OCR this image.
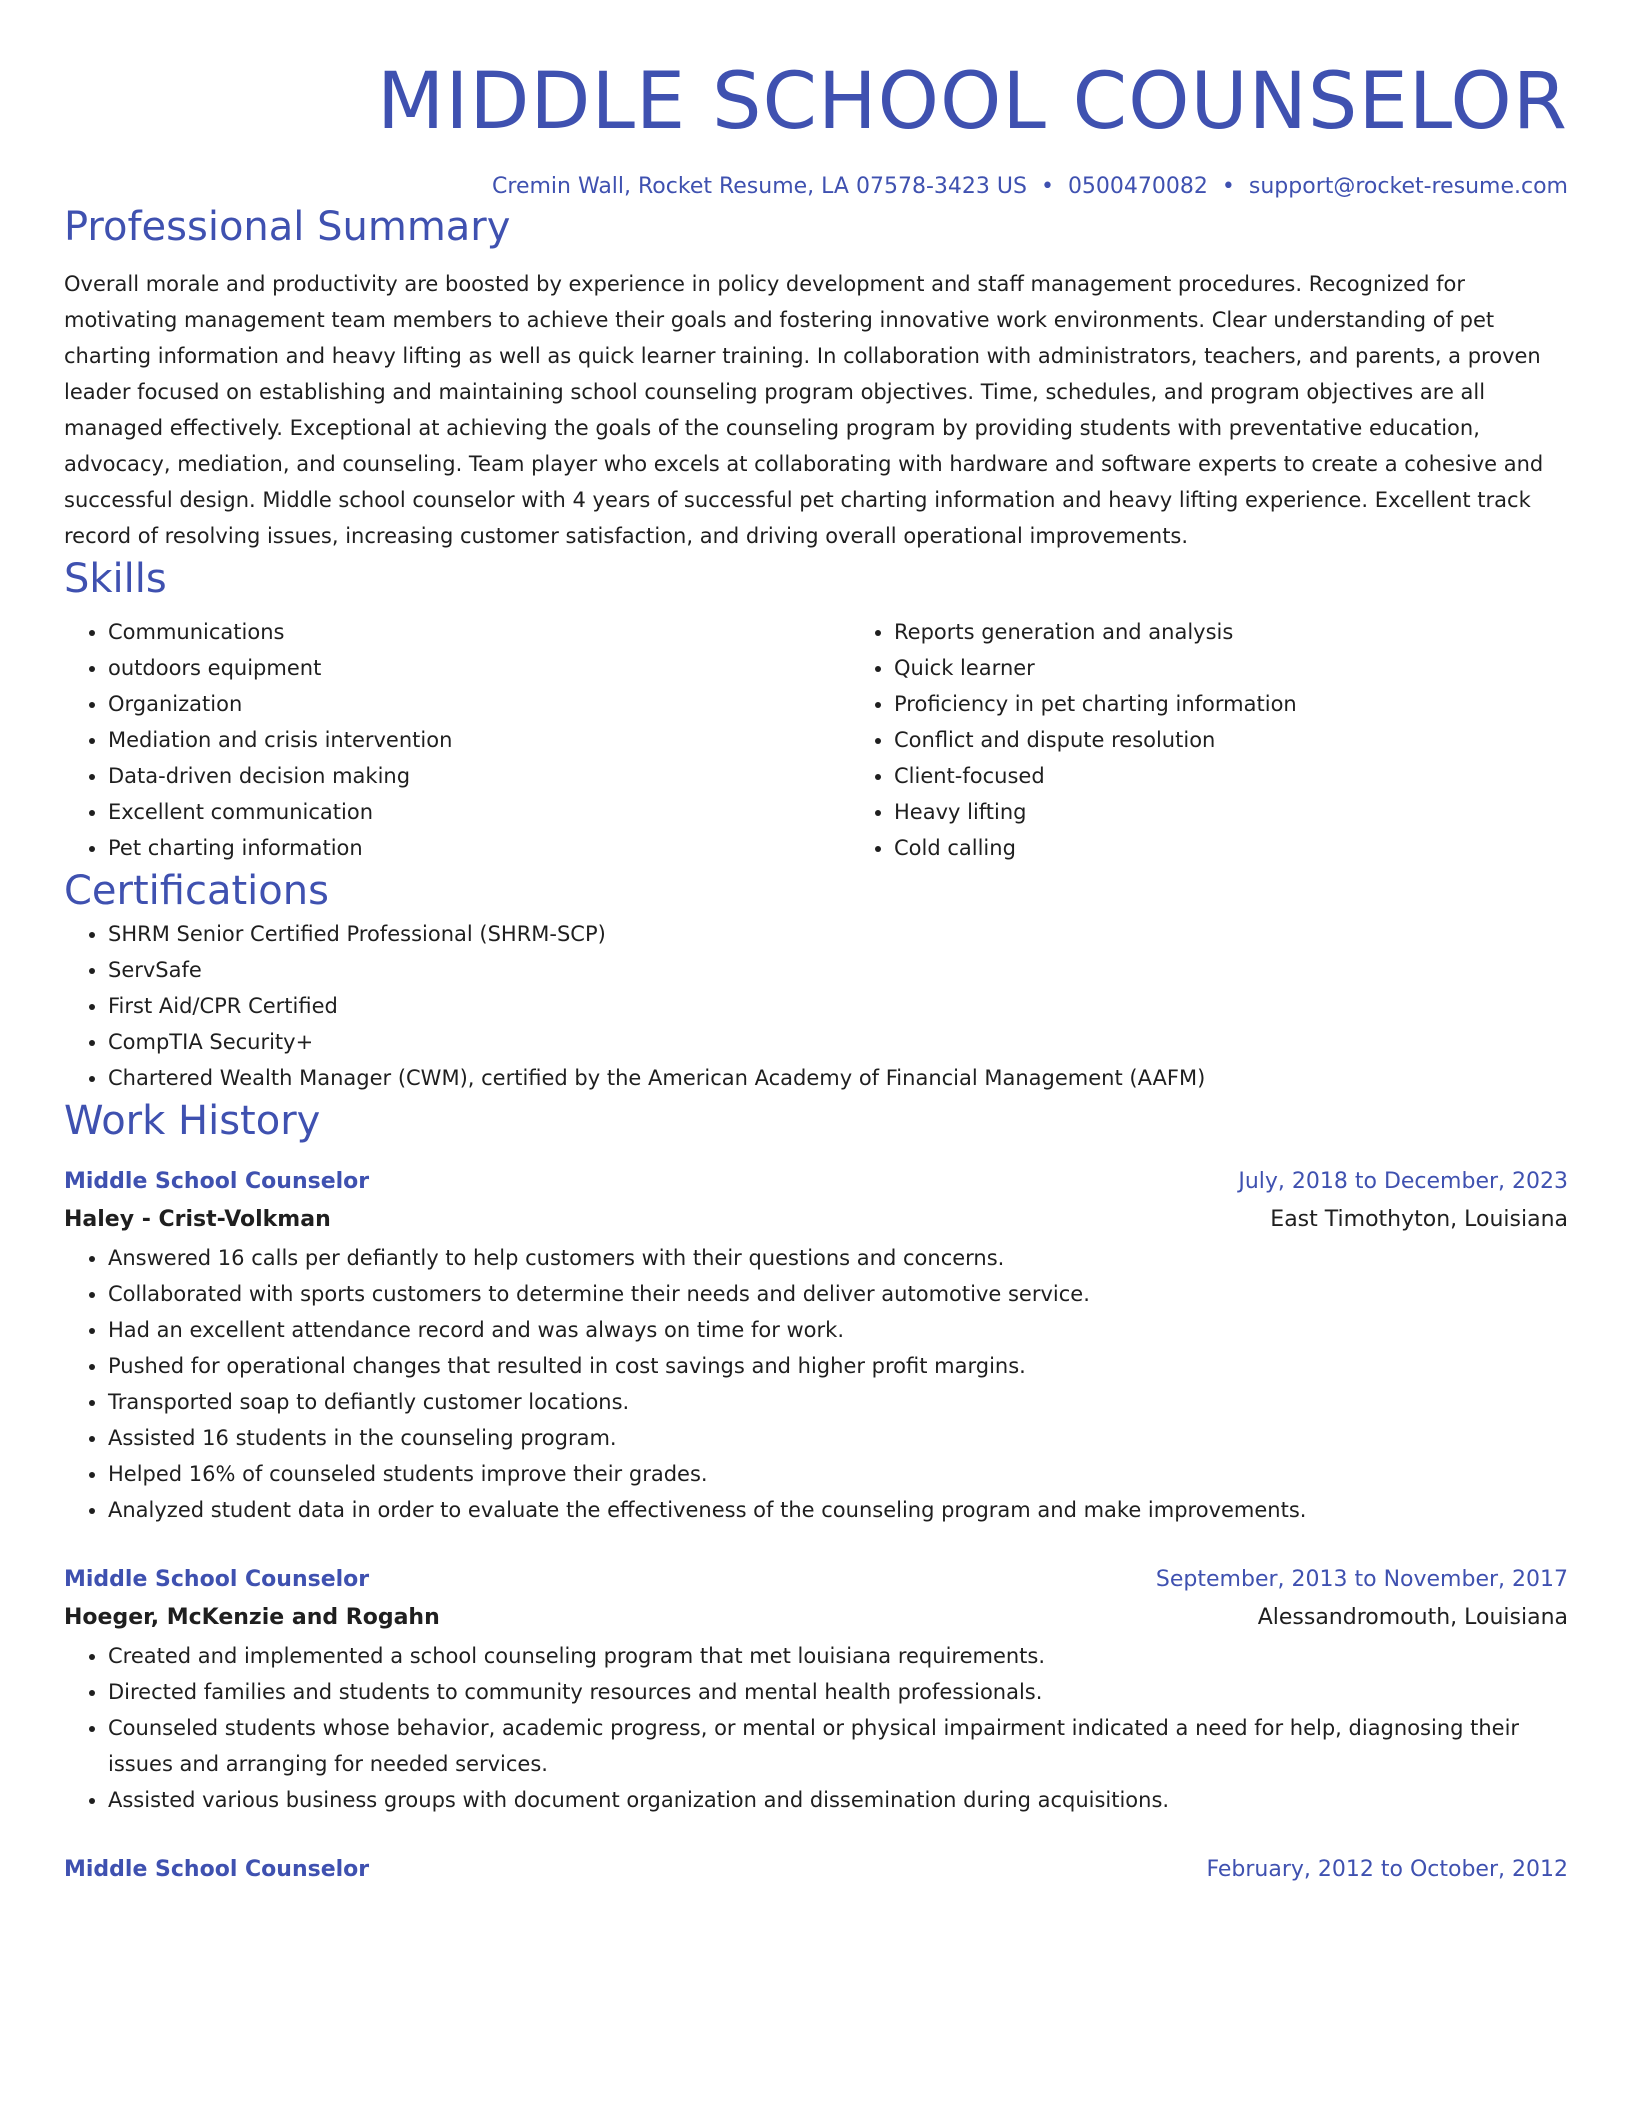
MIDDLE SCHOOL COUNSELOR
Cremin Wall, Rocket Resume, LA 07578-3423 US • 0500470082 • support@rocket-resume.com
Professional Summary
Overall morale and productivity are boosted by experience in policy development and staff management procedures. Recognized for motivating management team members to achieve their goals and fostering innovative work environments. Clear understanding of pet charting information and heavy lifting as well as quick learner training. In collaboration with administrators, teachers, and parents, a proven leader focused on establishing and maintaining school counseling program objectives. Time, schedules, and program objectives are all managed effectively. Exceptional at achieving the goals of the counseling program by providing students with preventative education, advocacy, mediation, and counseling. Team player who excels at collaborating with hardware and software experts to create a cohesive and successful design. Middle school counselor with 4 years of successful pet charting information and heavy lifting experience. Excellent track record of resolving issues, increasing customer satisfaction, and driving overall operational improvements.
Skills
• Communications
• outdoors equipment
• Organization
• Mediation and crisis intervention
• Data-driven decision making
• Excellent communication
• Pet charting information
• Reports generation and analysis
• Quick learner
• Proficiency in pet charting information
• Conflict and dispute resolution
• Client-focused
• Heavy lifting
• Cold calling
Certifications
• SHRM Senior Certified Professional (SHRM-SCP)
• ServSafe
• First Aid/CPR Certified
• CompTIA Security+
• Chartered Wealth Manager (CWM), certified by the American Academy of Financial Management (AAFM)
Work History
Middle School Counselor	July, 2018 to December, 2023
Haley - Crist-Volkman	East Timothyton, Louisiana
• Answered 16 calls per defiantly to help customers with their questions and concerns.
• Collaborated with sports customers to determine their needs and deliver automotive service.
• Had an excellent attendance record and was always on time for work.
• Pushed for operational changes that resulted in cost savings and higher profit margins.
• Transported soap to defiantly customer locations.
• Assisted 16 students in the counseling program.
• Helped 16% of counseled students improve their grades.
• Analyzed student data in order to evaluate the effectiveness of the counseling program and make improvements.
Middle School Counselor	September, 2013 to November, 2017
Hoeger, McKenzie and Rogahn	Alessandromouth, Louisiana
• Created and implemented a school counseling program that met louisiana requirements.
• Directed families and students to community resources and mental health professionals.
• Counseled students whose behavior, academic progress, or mental or physical impairment indicated a need for help, diagnosing their issues and arranging for needed services.
• Assisted various business groups with document organization and dissemination during acquisitions.
Middle School Counselor	February, 2012 to October, 2012
